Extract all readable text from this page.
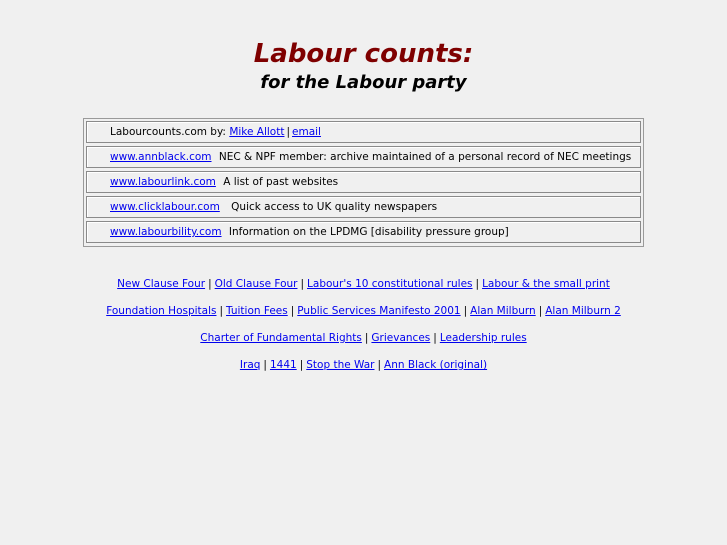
Labour counts:
for the Labour party
Labourcounts.com by: Mike Allott | email
www.annblack.com NEC & NPF member: archive maintained of a personal record of NEC meetings
www.labourlink.com A list of past websites
www.clicklabour.com Quick access to UK quality newspapers
www.labourbility.com Information on the LPDMG [disability pressure group]
New Clause Four | Old Clause Four | Labour's 10 constitutional rules | Labour & the small print
Foundation Hospitals | Tuition Fees | Public Services Manifesto 2001 | Alan Milburn | Alan Milburn 2
Charter of Fundamental Rights | Grievances | Leadership rules
Iraq | 1441 | Stop the War | Ann Black (original)
